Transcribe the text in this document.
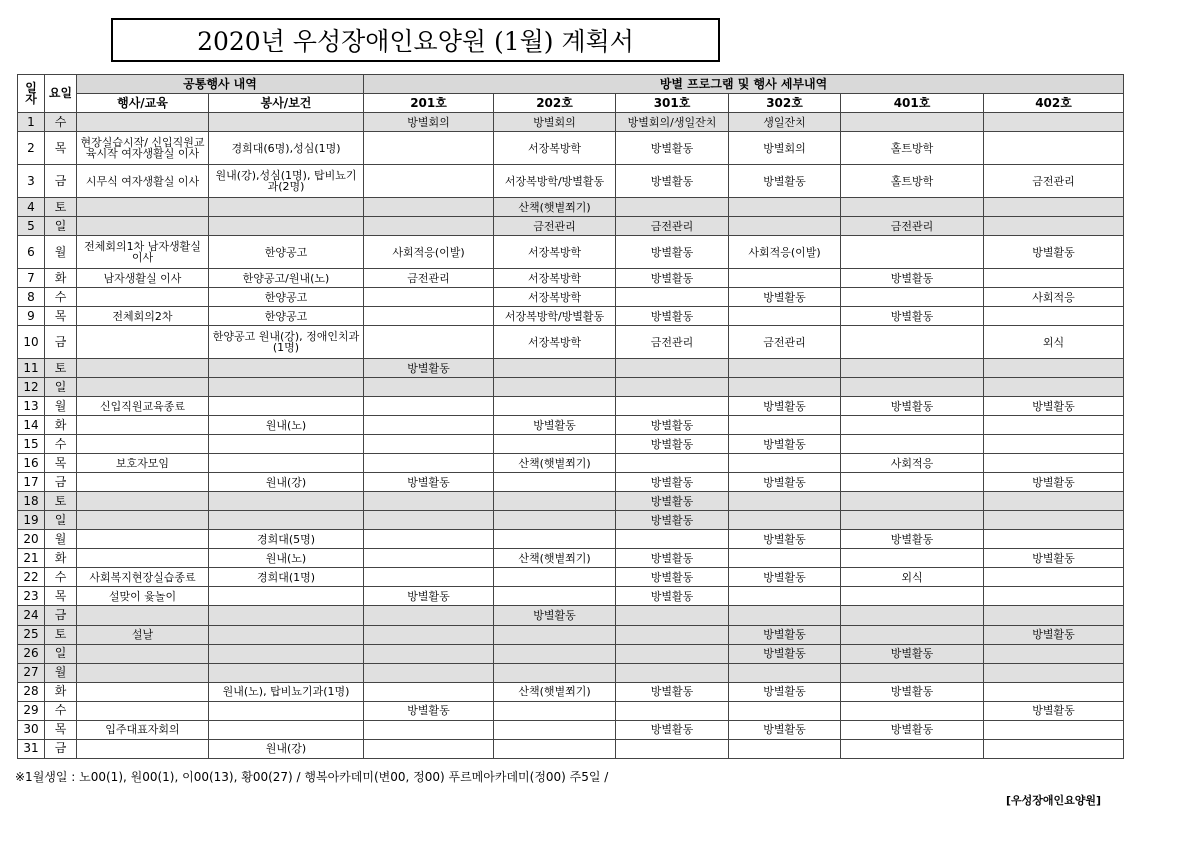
2020년 우성장애인요양원 (1월) 계획서
일자	요일	공통행사 내역		방별 프로그램 및 행사 세부내역					
		행사/교육	봉사/보건	201호	202호	301호	302호	401호	402호
1	수			방별회의	방별회의	방별회의/생일잔치	생일잔치		
2	목	현장실습시작/ 신입직원교육시작 여자생활실 이사	경희대(6명),성심(1명)		서장복방학	방별활동	방별회의	홀트방학	
3	금	시무식 여자생활실 이사	원내(강),성심(1명), 탑비뇨기과(2명)		서장복방학/방별활동	방별활동	방별활동	홀트방학	금전관리
4	토				산책(햇볕쬐기)				
5	일				금전관리	금전관리		금전관리	
6	월	전체회의1차 남자생활실 이사	한양공고	사회적응(이발)	서장복방학	방별활동	사회적응(이발)		방별활동
7	화	남자생활실 이사	한양공고/원내(노)	금전관리	서장복방학	방별활동		방별활동	
8	수		한양공고		서장복방학		방별활동		사회적응
9	목	전체회의2차	한양공고		서장복방학/방별활동	방별활동		방별활동	
10	금		한양공고 원내(강), 정애인치과(1명)		서장복방학	금전관리	금전관리		외식
11	토			방별활동					
12	일								
13	월	신입직원교육종료					방별활동	방별활동	방별활동
14	화		원내(노)		방별활동	방별활동			
15	수					방별활동	방별활동		
16	목	보호자모임			산책(햇볕쬐기)			사회적응	
17	금		원내(강)	방별활동		방별활동	방별활동		방별활동
18	토					방별활동			
19	일					방별활동			
20	월		경희대(5명)				방별활동	방별활동	
21	화		원내(노)		산책(햇볕쬐기)	방별활동			방별활동
22	수	사회복지현장실습종료	경희대(1명)			방별활동	방별활동	외식	
23	목	설맞이 윷놀이		방별활동		방별활동			
24	금				방별활동				
25	토	설날					방별활동		방별활동
26	일						방별활동	방별활동	
27	월								
28	화		원내(노), 탑비뇨기과(1명)		산책(햇볕쬐기)	방별활동	방별활동	방별활동	
29	수			방별활동					방별활동
30	목	입주대표자회의				방별활동	방별활동	방별활동	
31	금		원내(강)						
※1월생일 : 노00(1), 원00(1), 이00(13), 황00(27) / 행복아카데미(변00, 정00) 푸르메아카데미(정00) 주5일 /
[우성장애인요양원]
